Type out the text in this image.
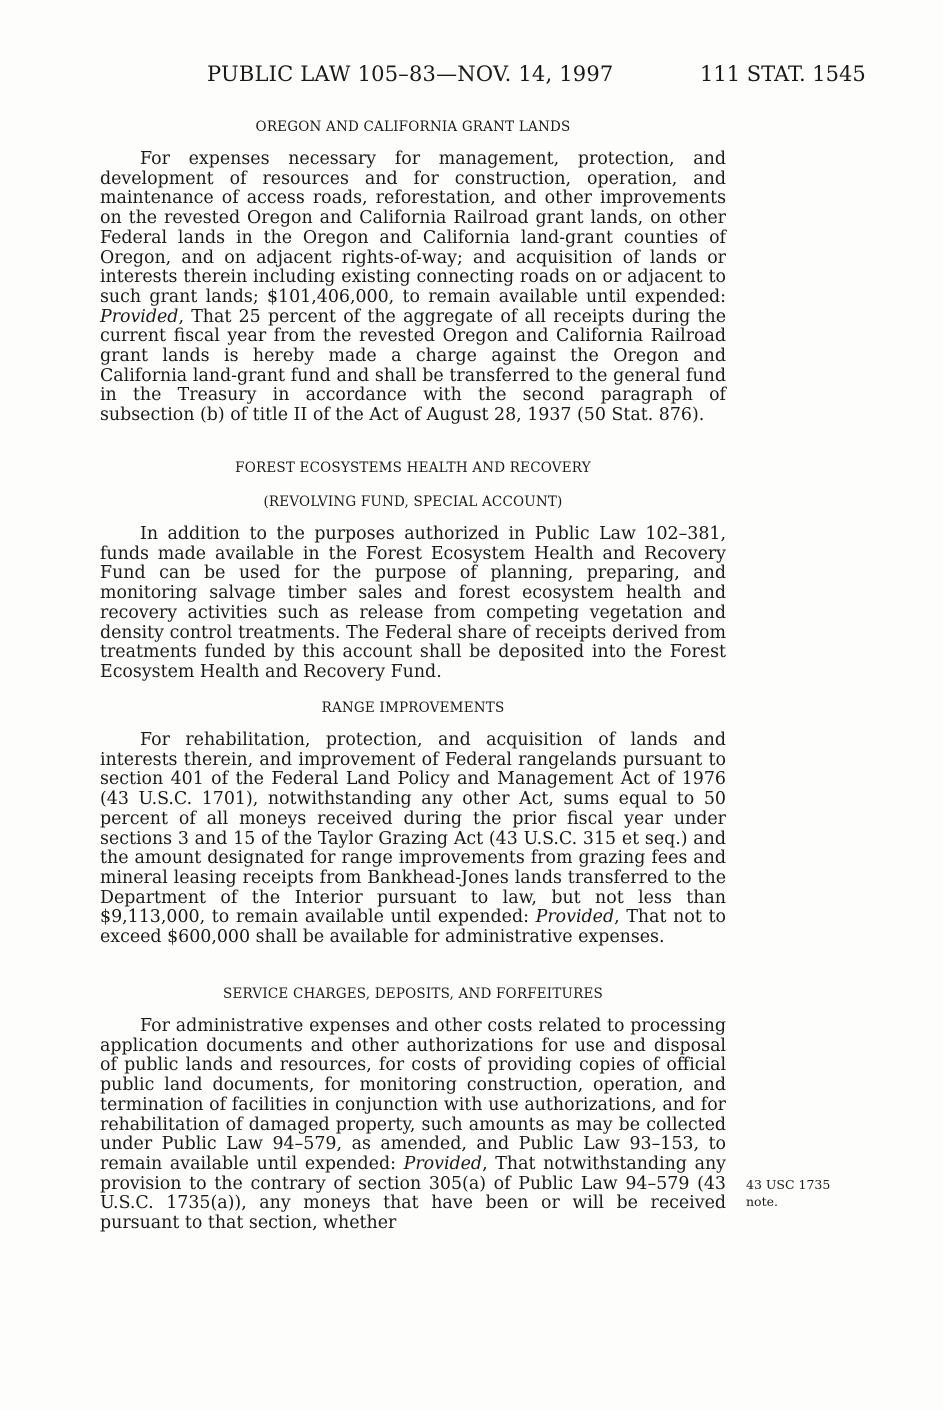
PUBLIC LAW 105–83—NOV. 14, 1997	111 STAT. 1545
OREGON AND CALIFORNIA GRANT LANDS

For expenses necessary for management, protection, and development of resources and for construction, operation, and maintenance of access roads, reforestation, and other improvements on the revested Oregon and California Railroad grant lands, on other Federal lands in the Oregon and California land-grant counties of Oregon, and on adjacent rights-of-way; and acquisition of lands or interests therein including existing connecting roads on or adjacent to such grant lands; $101,406,000, to remain available until expended: Provided, That 25 percent of the aggregate of all receipts during the current fiscal year from the revested Oregon and California Railroad grant lands is hereby made a charge against the Oregon and California land-grant fund and shall be transferred to the general fund in the Treasury in accordance with the second paragraph of subsection (b) of title II of the Act of August 28, 1937 (50 Stat. 876).

FOREST ECOSYSTEMS HEALTH AND RECOVERY
(REVOLVING FUND, SPECIAL ACCOUNT)

In addition to the purposes authorized in Public Law 102–381, funds made available in the Forest Ecosystem Health and Recovery Fund can be used for the purpose of planning, preparing, and monitoring salvage timber sales and forest ecosystem health and recovery activities such as release from competing vegetation and density control treatments. The Federal share of receipts derived from treatments funded by this account shall be deposited into the Forest Ecosystem Health and Recovery Fund.

RANGE IMPROVEMENTS

For rehabilitation, protection, and acquisition of lands and interests therein, and improvement of Federal rangelands pursuant to section 401 of the Federal Land Policy and Management Act of 1976 (43 U.S.C. 1701), notwithstanding any other Act, sums equal to 50 percent of all moneys received during the prior fiscal year under sections 3 and 15 of the Taylor Grazing Act (43 U.S.C. 315 et seq.) and the amount designated for range improvements from grazing fees and mineral leasing receipts from Bankhead-Jones lands transferred to the Department of the Interior pursuant to law, but not less than $9,113,000, to remain available until expended: Provided, That not to exceed $600,000 shall be available for administrative expenses.

SERVICE CHARGES, DEPOSITS, AND FORFEITURES

For administrative expenses and other costs related to processing application documents and other authorizations for use and disposal of public lands and resources, for costs of providing copies of official public land documents, for monitoring construction, operation, and termination of facilities in conjunction with use authorizations, and for rehabilitation of damaged property, such amounts as may be collected under Public Law 94–579, as amended, and Public Law 93–153, to remain available until expended: Provided, That notwithstanding any provision to the contrary of section 305(a) of Public Law 94–579 (43 U.S.C. 1735(a)), any moneys that have been or will be received pursuant to that section, whether

43 USC 1735
note.
